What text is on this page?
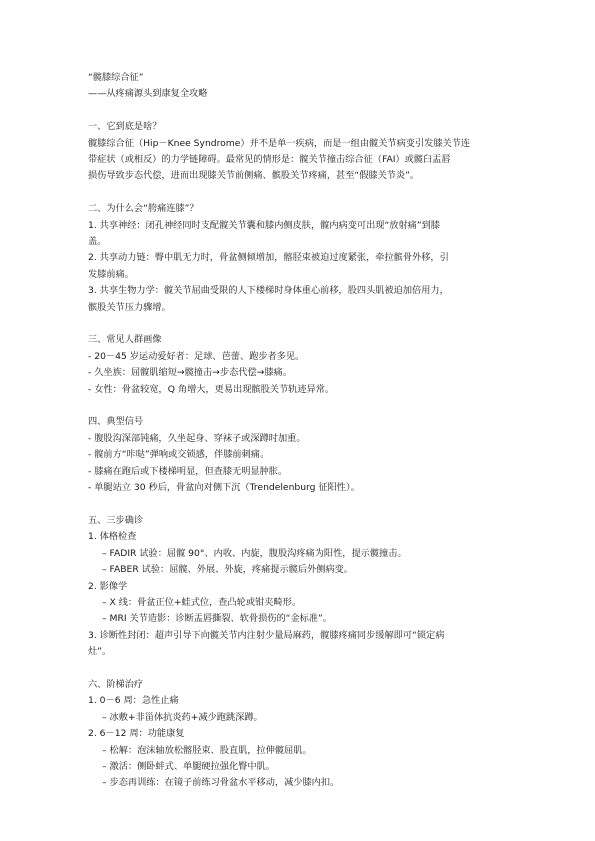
“髋膝综合征”
——从疼痛源头到康复全攻略
一、它到底是啥？
髋膝综合征（Hip－Knee Syndrome）并不是单一疾病，而是一组由髋关节病变引发膝关节连
带症状（或相反）的力学链障碍。最常见的情形是：髋关节撞击综合征（FAI）或髋臼盂唇
损伤导致步态代偿，进而出现膝关节前侧痛、髌股关节疼痛，甚至“假膝关节炎”。
二、为什么会“胯痛连膝”？
1. 共享神经：闭孔神经同时支配髋关节囊和膝内侧皮肤，髋内病变可出现“放射痛”到膝
盖。
2. 共享动力链：臀中肌无力时，骨盆侧倾增加，髂胫束被迫过度紧张，牵拉髌骨外移，引
发膝前痛。
3. 共享生物力学：髋关节屈曲受限的人下楼梯时身体重心前移，股四头肌被迫加倍用力，
髌股关节压力骤增。
三、常见人群画像
- 20－45 岁运动爱好者：足球、芭蕾、跑步者多见。
- 久坐族：屈髋肌缩短→髋撞击→步态代偿→膝痛。
- 女性：骨盆较宽，Q 角增大，更易出现髌股关节轨迹异常。
四、典型信号
- 腹股沟深部钝痛，久坐起身、穿袜子或深蹲时加重。
- 髋前方“咔哒”弹响或交锁感，伴膝前刺痛。
- 膝痛在跑后或下楼梯明显，但查膝无明显肿胀。
- 单腿站立 30 秒后，骨盆向对侧下沉（Trendelenburg 征阳性）。
五、三步确诊
1. 体格检查
– FADIR 试验：屈髋 90°、内收、内旋，腹股沟疼痛为阳性，提示髋撞击。
– FABER 试验：屈髋、外展、外旋，疼痛提示髋后外侧病变。
2. 影像学
– X 线：骨盆正位+蛙式位，查凸轮或钳夹畸形。
– MRI 关节造影：诊断盂唇撕裂、软骨损伤的“金标准”。
3. 诊断性封闭：超声引导下向髋关节内注射少量局麻药，髋膝疼痛同步缓解即可“锁定病
灶”。
六、阶梯治疗
1. 0－6 周：急性止痛
– 冰敷+非甾体抗炎药+减少跑跳深蹲。
2. 6－12 周：功能康复
– 松解：泡沫轴放松髂胫束、股直肌，拉伸髋屈肌。
– 激活：侧卧蚌式、单腿硬拉强化臀中肌。
– 步态再训练：在镜子前练习骨盆水平移动，减少膝内扣。
